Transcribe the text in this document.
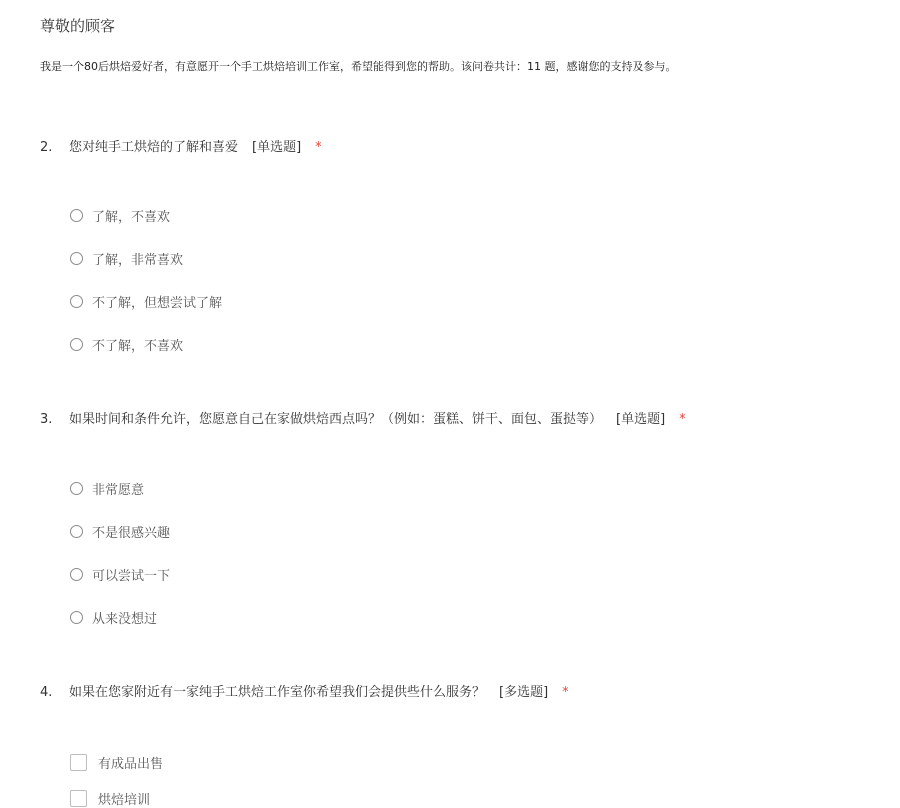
尊敬的顾客
我是一个80后烘焙爱好者，有意愿开一个手工烘焙培训工作室，希望能得到您的帮助。该问卷共计：11 题，感谢您的支持及参与。
2. 您对纯手工烘焙的了解和喜爱 [单选题] *
了解，不喜欢
了解，非常喜欢
不了解，但想尝试了解
不了解，不喜欢
3. 如果时间和条件允许，您愿意自己在家做烘焙西点吗？（例如：蛋糕、饼干、面包、蛋挞等） [单选题] *
非常愿意
不是很感兴趣
可以尝试一下
从来没想过
4. 如果在您家附近有一家纯手工烘焙工作室你希望我们会提供些什么服务？ [多选题] *
有成品出售
烘焙培训
